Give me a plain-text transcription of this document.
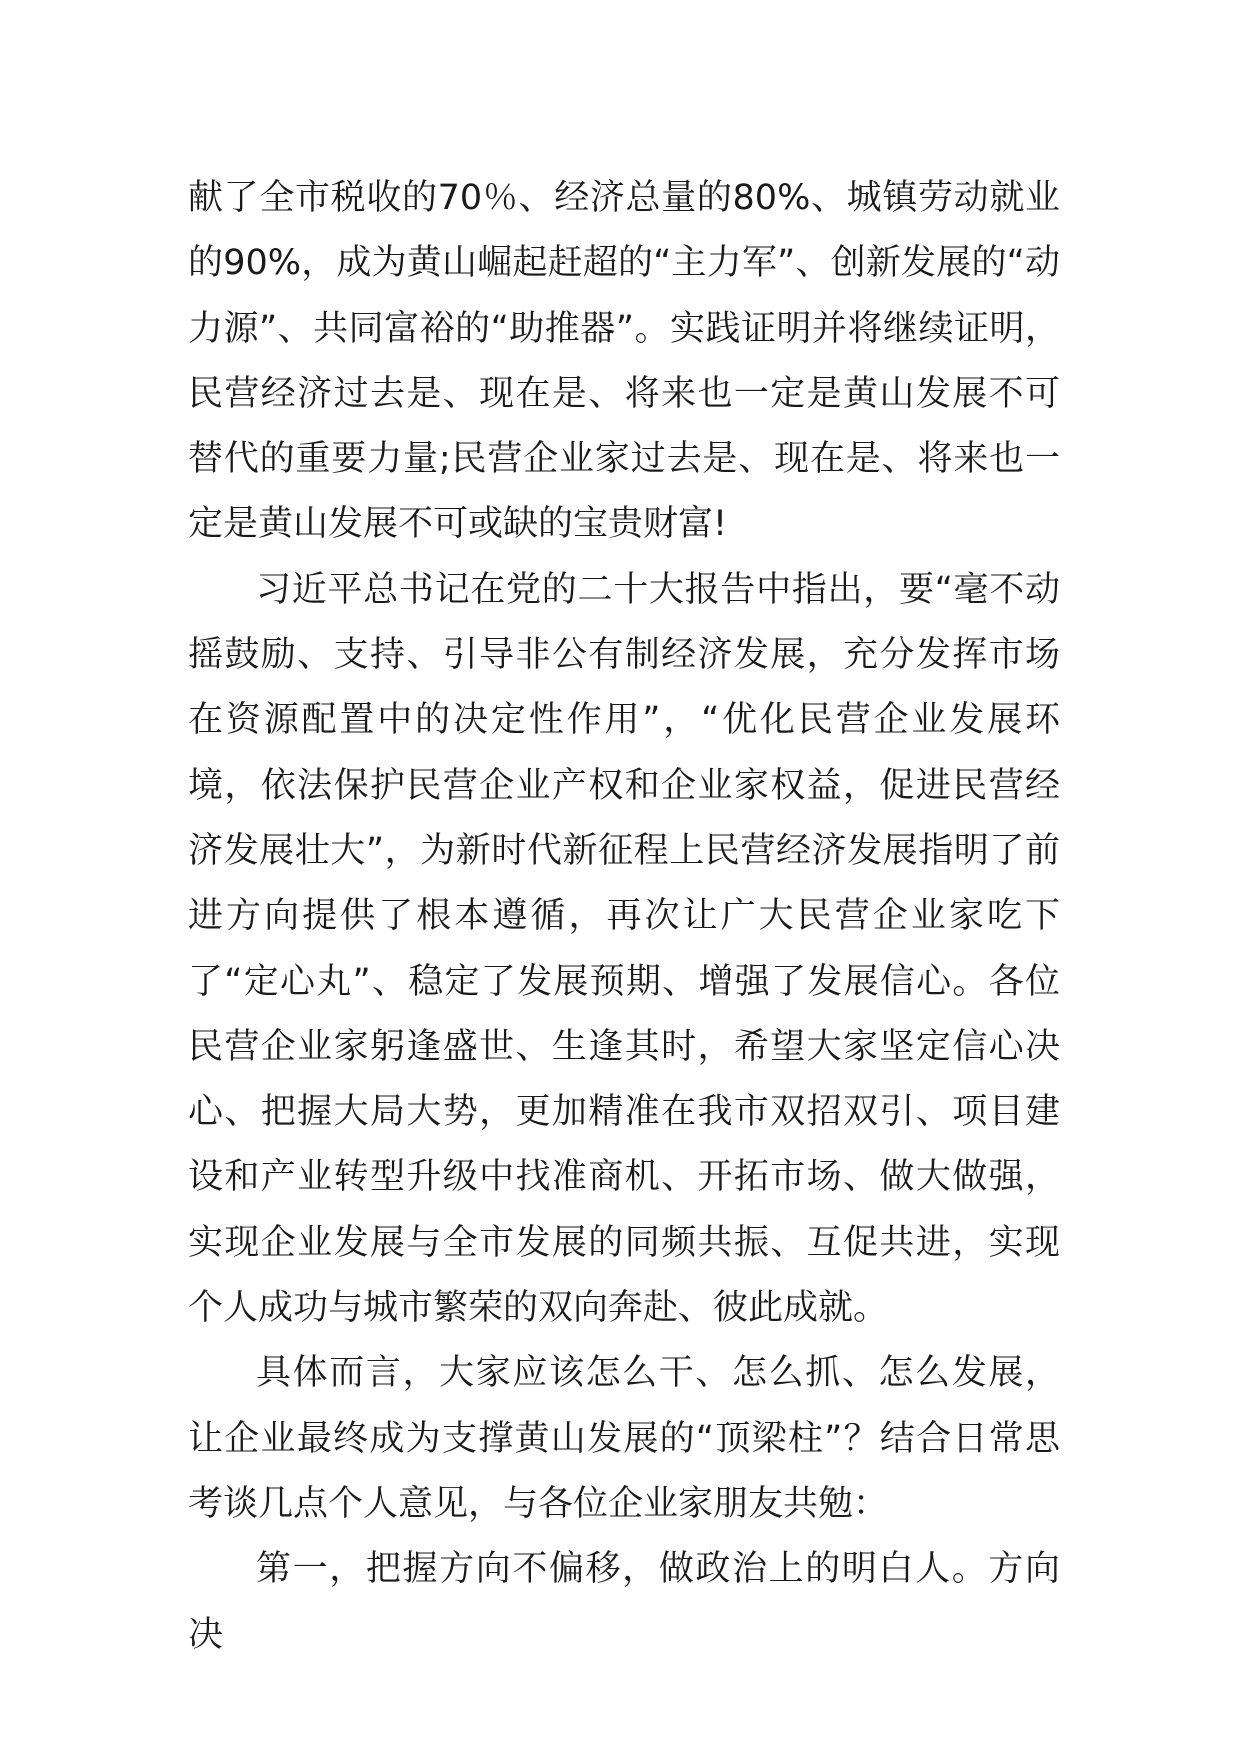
献了全市税收的70％、经济总量的80%、城镇劳动就业的90%，成为黄山崛起赶超的“主力军”、创新发展的“动力源”、共同富裕的“助推器”。实践证明并将继续证明，民营经济过去是、现在是、将来也一定是黄山发展不可替代的重要力量;民营企业家过去是、现在是、将来也一定是黄山发展不可或缺的宝贵财富!

习近平总书记在党的二十大报告中指出，要“毫不动摇鼓励、支持、引导非公有制经济发展，充分发挥市场在资源配置中的决定性作用”，“优化民营企业发展环境，依法保护民营企业产权和企业家权益，促进民营经济发展壮大”，为新时代新征程上民营经济发展指明了前进方向提供了根本遵循，再次让广大民营企业家吃下了“定心丸”、稳定了发展预期、增强了发展信心。各位民营企业家躬逢盛世、生逢其时，希望大家坚定信心决心、把握大局大势，更加精准在我市双招双引、项目建设和产业转型升级中找准商机、开拓市场、做大做强，实现企业发展与全市发展的同频共振、互促共进，实现个人成功与城市繁荣的双向奔赴、彼此成就。

具体而言，大家应该怎么干、怎么抓、怎么发展，让企业最终成为支撑黄山发展的“顶梁柱”？结合日常思考谈几点个人意见，与各位企业家朋友共勉：

第一，把握方向不偏移，做政治上的明白人。方向决
